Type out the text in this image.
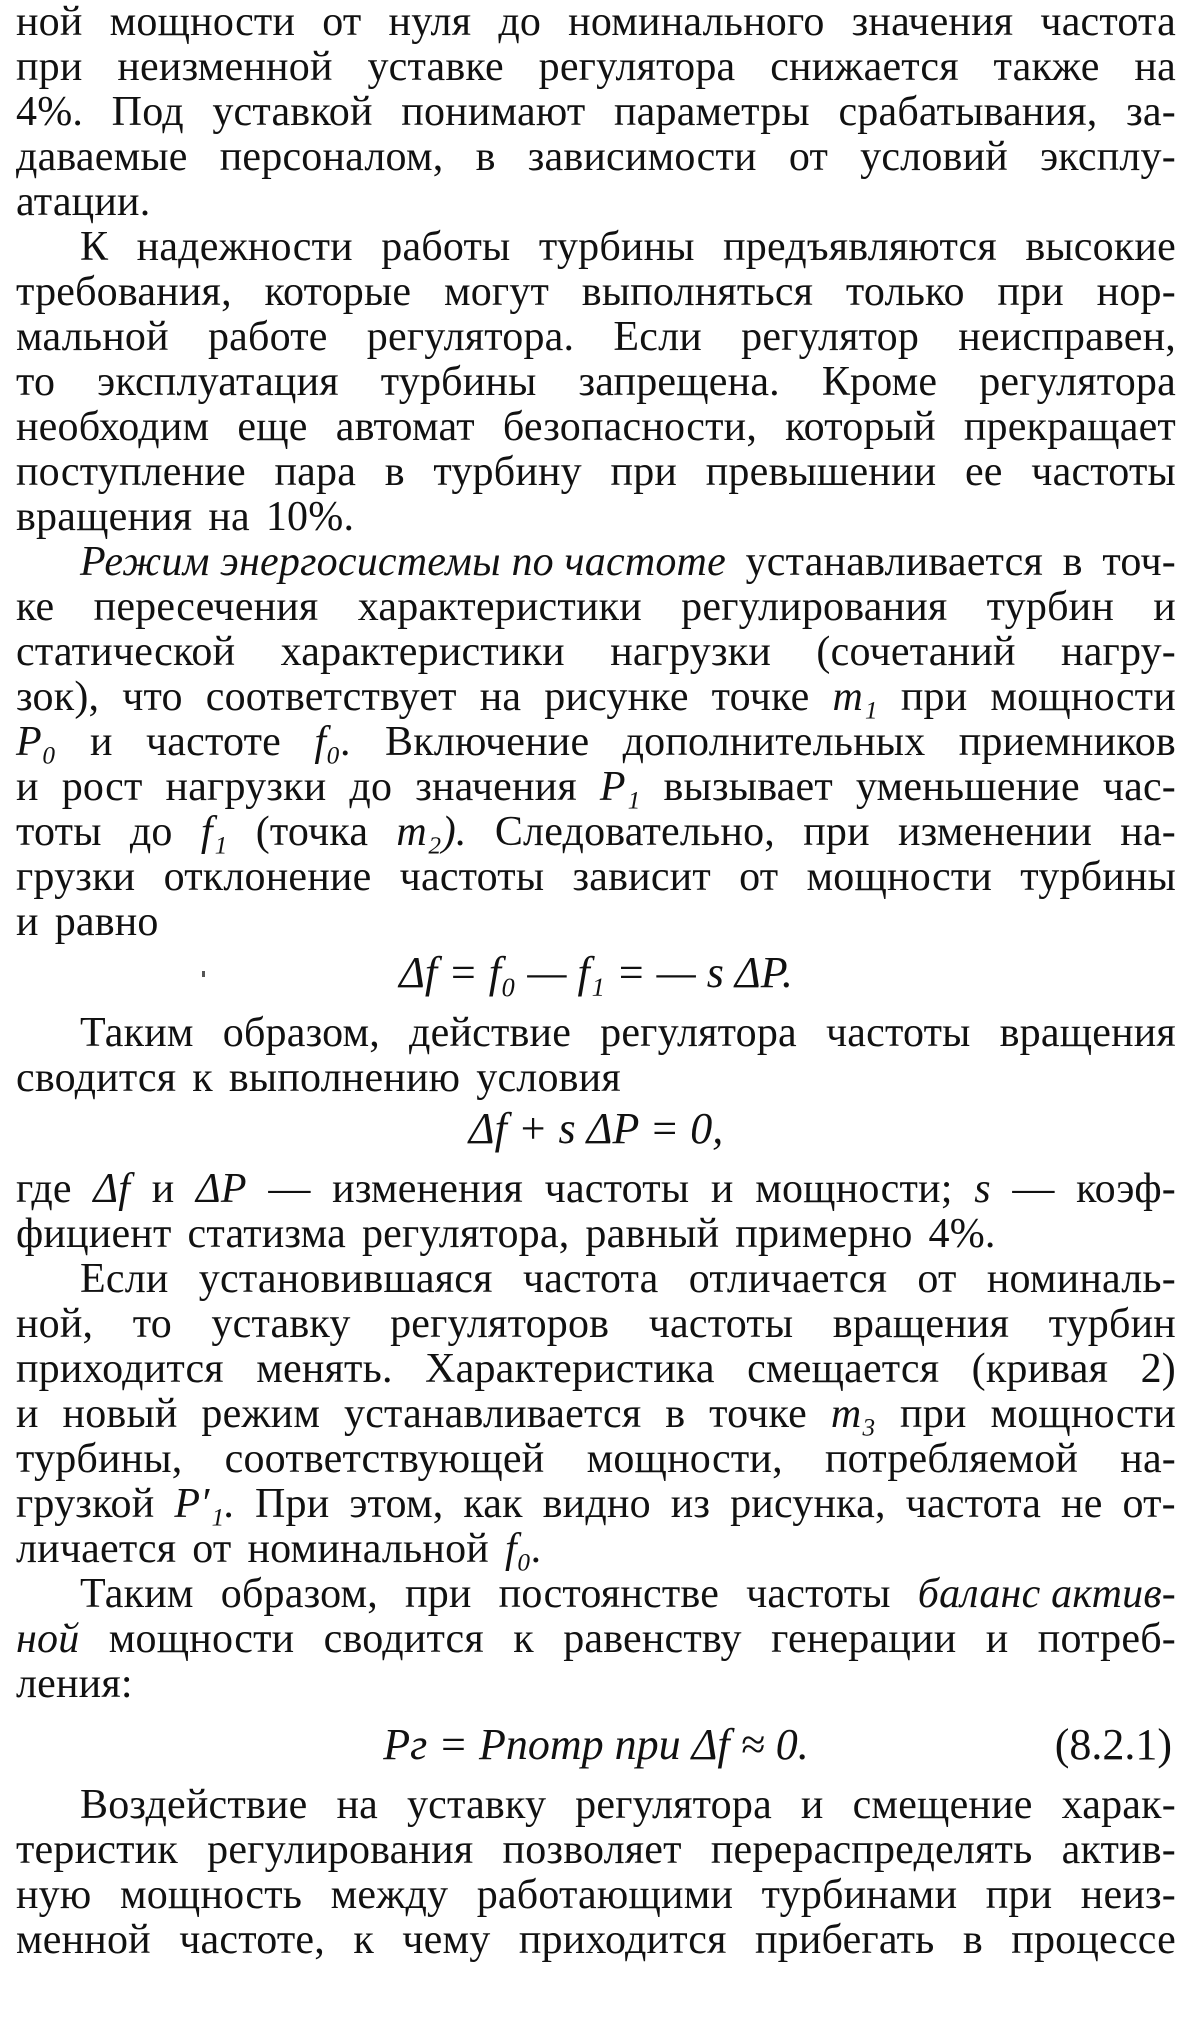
ной мощности от нуля до номинального значения частота
при неизменной уставке регулятора снижается также на
4%. Под уставкой понимают параметры срабатывания, за-
даваемые персоналом, в зависимости от условий эксплу-
атации.
К надежности работы турбины предъявляются высокие
требования, которые могут выполняться только при нор-
мальной работе регулятора. Если регулятор неисправен,
то эксплуатация турбины запрещена. Кроме регулятора
необходим еще автомат безопасности, который прекращает
поступление пара в турбину при превышении ее частоты
вращения на 10%.
Режим энергосистемы по частоте устанавливается в точ-
ке пересечения характеристики регулирования турбин и
статической характеристики нагрузки (сочетаний нагру-
зок), что соответствует на рисунке точке m₁ при мощности
P₀ и частоте f₀. Включение дополнительных приемников
и рост нагрузки до значения P₁ вызывает уменьшение час-
тоты до f₁ (точка m₂). Следовательно, при изменении на-
грузки отклонение частоты зависит от мощности турбины
и равно
Δf = f₀ — f₁ = — s ΔP.
Таким образом, действие регулятора частоты вращения
сводится к выполнению условия
Δf + s ΔP = 0,
где Δf и ΔP — изменения частоты и мощности; s — коэф-
фициент статизма регулятора, равный примерно 4%.
Если установившаяся частота отличается от номиналь-
ной, то уставку регуляторов частоты вращения турбин
приходится менять. Характеристика смещается (кривая 2)
и новый режим устанавливается в точке m₃ при мощности
турбины, соответствующей мощности, потребляемой на-
грузкой P′₁. При этом, как видно из рисунка, частота не от-
личается от номинальной f₀.
Таким образом, при постоянстве частоты баланс актив-
ной мощности сводится к равенству генерации и потреб-
ления:
Pг = Pпотр при Δf ≈ 0.	(8.2.1)
Воздействие на уставку регулятора и смещение харак-
теристик регулирования позволяет перераспределять актив-
ную мощность между работающими турбинами при неиз-
менной частоте, к чему приходится прибегать в процессе
